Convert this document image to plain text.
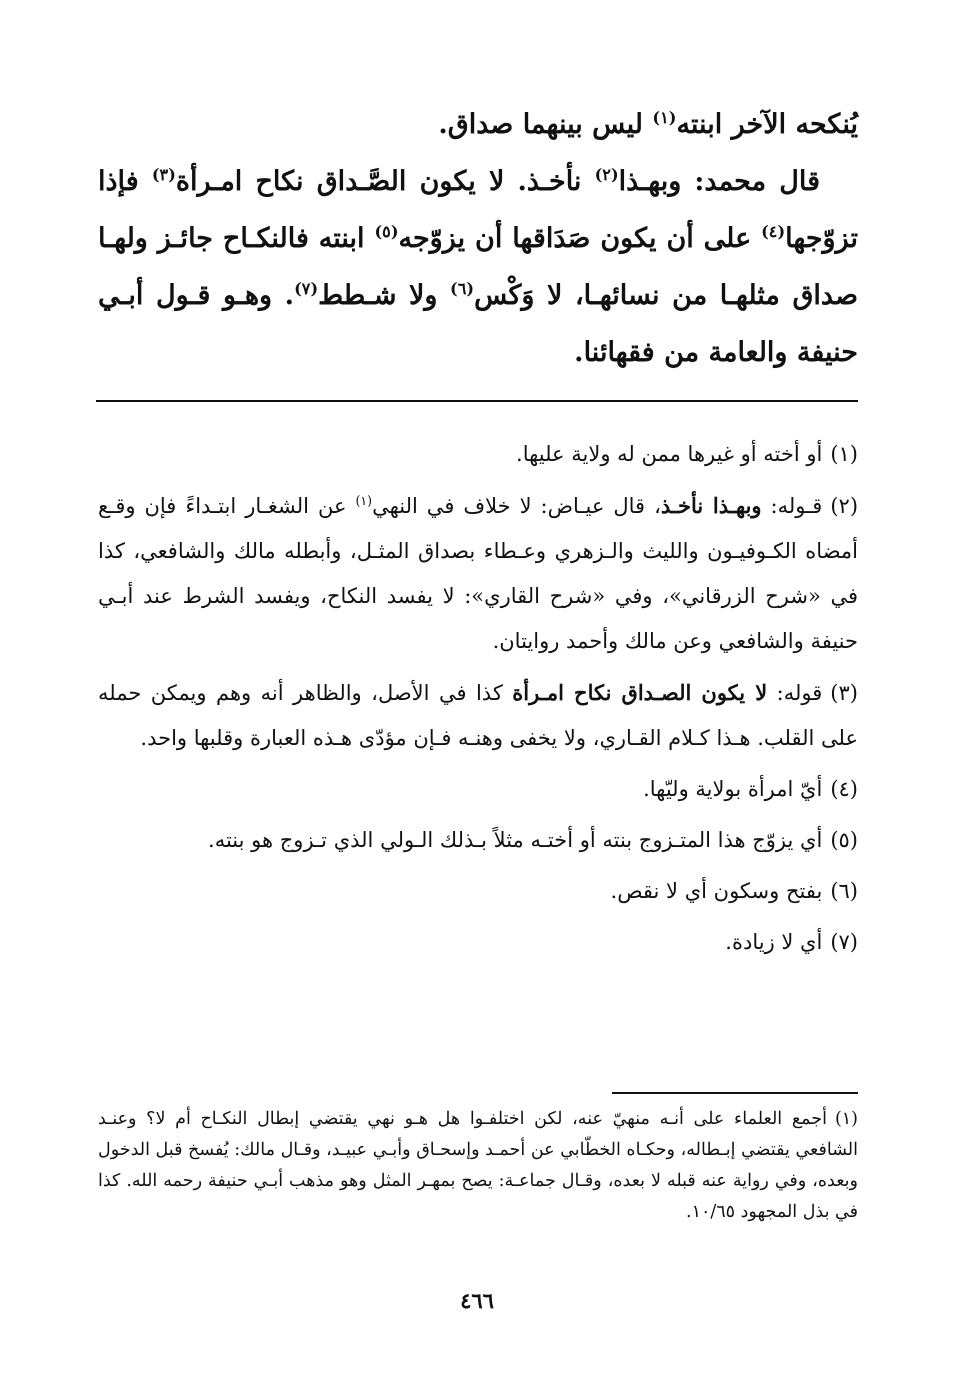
يُنكحه الآخر ابنته$^{(١)}$ ليس بينهما صداق.

قال محمد: وبهـذا$^{(٢)}$ نأخـذ. لا يكون الصَّـداق نكاح امـرأة$^{(٣)}$ فإذا تزوّجها$^{(٤)}$ على أن يكون صَدَاقها أن يزوّجه$^{(٥)}$ ابنته فالنكـاح جائـز ولهـا صداق مثلهـا من نسائهـا، لا وَكْس$^{(٦)}$ ولا شـطط$^{(٧)}$. وهـو قـول أبـي حنيفة والعامة من فقهائنا.

(١)أو أخته أو غيرها ممن له ولاية عليها.

(٢)قـوله: وبهـذا نأخـذ، قال عيـاض: لا خلاف في النهي$^{(١)}$ عن الشغـار ابتـداءً فإن وقـع أمضاه الكـوفيـون والليث والـزهري وعـطاء بصداق المثـل، وأبطله مالك والشافعي، كذا في «شرح الزرقاني»، وفي «شرح القاري»: لا يفسد النكاح، ويفسد الشرط عند أبـي حنيفة والشافعي وعن مالك وأحمد روايتان.

(٣)قوله: لا يكون الصـداق نكاح امـرأة كذا في الأصل، والظاهر أنه وهم ويمكن حمله على القلب. هـذا كـلام القـاري، ولا يخفى وهنـه فـإن مؤدّى هـذه العبارة وقلبها واحد.

(٤)أيّ امرأة بولاية وليّها.

(٥)أي يزوّج هذا المتـزوج بنته أو أختـه مثلاً بـذلك الـولي الذي تـزوج هو بنته.

(٦)بفتح وسكون أي لا نقص.

(٧)أي لا زيادة.

(١)أجمع العلماء على أنـه منهيّ عنه، لكن اختلفـوا هل هـو نهي يقتضي إبطال النكـاح أم لا؟ وعنـد الشافعي يقتضي إبـطاله، وحكـاه الخطّابي عن أحمـد وإسحـاق وأبـي عبيـد، وقـال مالك: يُفسخ قبل الدخول وبعده، وفي رواية عنه قبله لا بعده، وقـال جماعـة: يصح بمهـر المثل وهو مذهب أبـي حنيفة رحمه الله. كذا في بذل المجهود ١٠/٦٥.

٤٦٦
